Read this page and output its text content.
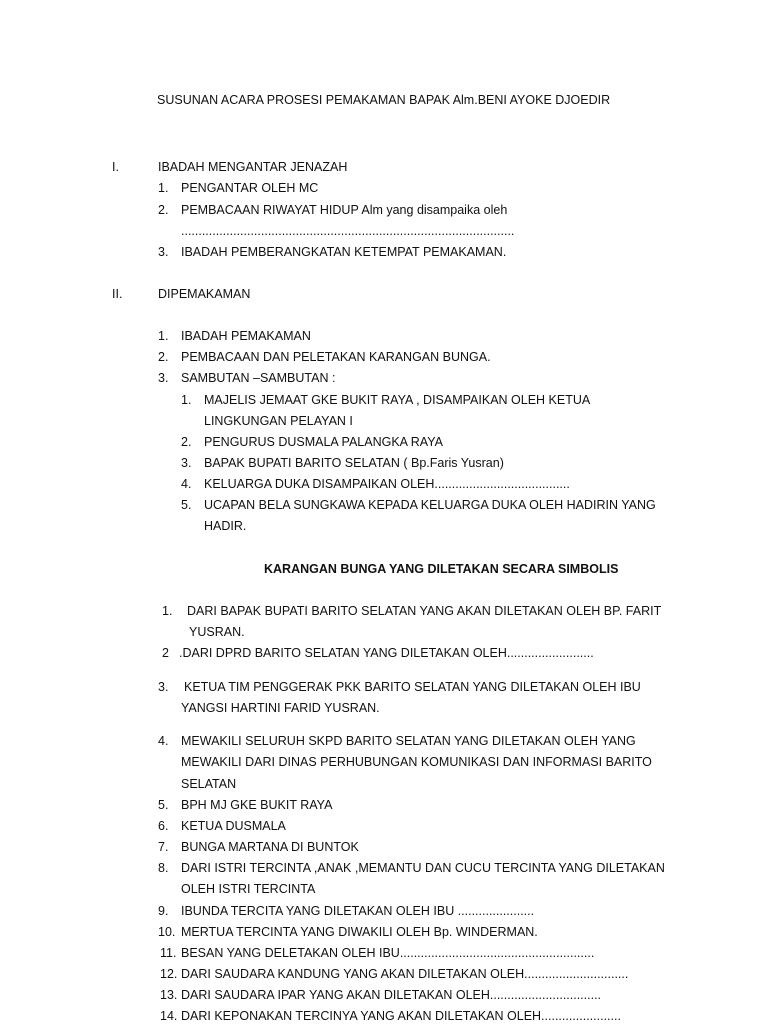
SUSUNAN ACARA PROSESI PEMAKAMAN BAPAK Alm.BENI AYOKE DJOEDIR
I.	IBADAH MENGANTAR JENAZAH
1. PENGANTAR OLEH MC
2. PEMBACAAN RIWAYAT HIDUP Alm yang disampaika oleh
................................................................................................
3. IBADAH PEMBERANGKATAN KETEMPAT PEMAKAMAN.
II.	DIPEMAKAMAN
1. IBADAH PEMAKAMAN
2. PEMBACAAN DAN PELETAKAN KARANGAN BUNGA.
3. SAMBUTAN –SAMBUTAN :
1. MAJELIS JEMAAT GKE BUKIT RAYA , DISAMPAIKAN OLEH KETUA
LINGKUNGAN PELAYAN I
2. PENGURUS DUSMALA PALANGKA RAYA
3. BAPAK BUPATI BARITO SELATAN ( Bp.Faris Yusran)
4. KELUARGA DUKA DISAMPAIKAN OLEH.......................................
5. UCAPAN BELA SUNGKAWA KEPADA KELUARGA DUKA OLEH HADIRIN YANG
HADIR.
KARANGAN BUNGA YANG DILETAKAN SECARA SIMBOLIS
1. DARI BAPAK BUPATI BARITO SELATAN YANG AKAN DILETAKAN OLEH BP. FARIT
YUSRAN.
2 .DARI DPRD BARITO SELATAN YANG DILETAKAN OLEH.........................
3. KETUA TIM PENGGERAK PKK BARITO SELATAN YANG DILETAKAN OLEH IBU
YANGSI HARTINI FARID YUSRAN.
4. MEWAKILI SELURUH SKPD BARITO SELATAN YANG DILETAKAN OLEH YANG
MEWAKILI DARI DINAS PERHUBUNGAN KOMUNIKASI DAN INFORMASI BARITO
SELATAN
5. BPH MJ GKE BUKIT RAYA
6. KETUA DUSMALA
7. BUNGA MARTANA DI BUNTOK
8. DARI ISTRI TERCINTA ,ANAK ,MEMANTU DAN CUCU TERCINTA YANG DILETAKAN
OLEH ISTRI TERCINTA
9. IBUNDA TERCITA YANG DILETAKAN OLEH IBU ......................
10. MERTUA TERCINTA YANG DIWAKILI OLEH Bp. WINDERMAN.
11. BESAN YANG DELETAKAN OLEH IBU........................................................
12. DARI SAUDARA KANDUNG YANG AKAN DILETAKAN OLEH..............................
13. DARI SAUDARA IPAR YANG AKAN DILETAKAN OLEH................................
14. DARI KEPONAKAN TERCINYA YANG AKAN DILETAKAN OLEH.......................
